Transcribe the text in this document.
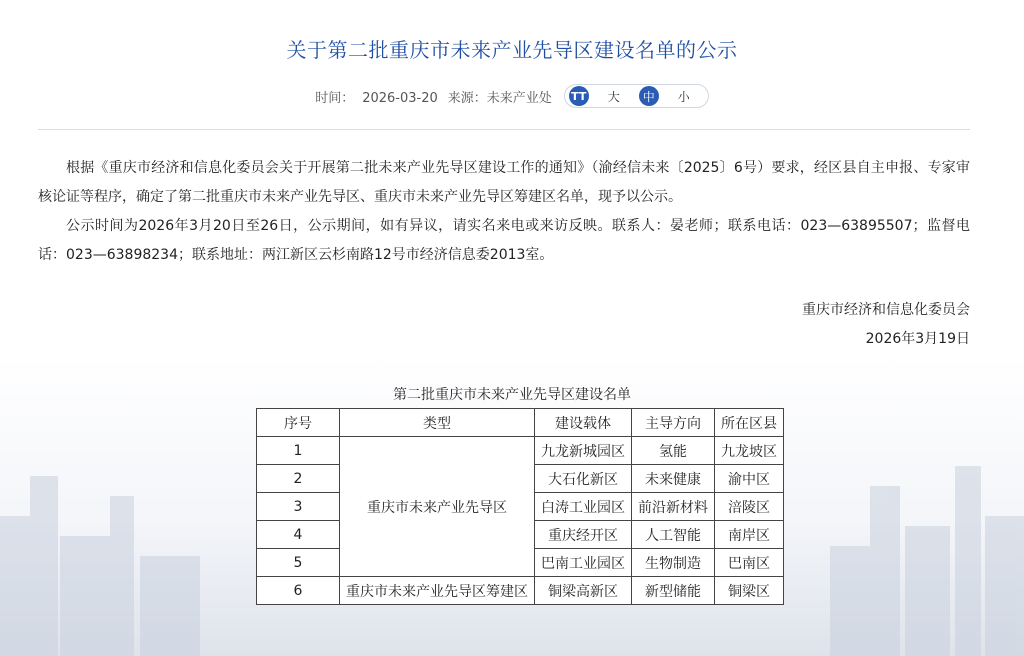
关于第二批重庆市未来产业先导区建设名单的公示
时间： 2026-03-20 来源：未来产业处 TT	大	中	小

根据《重庆市经济和信息化委员会关于开展第二批未来产业先导区建设工作的通知》（渝经信未来〔2025〕6号）要求，经区县自主申报、专家审核论证等程序，确定了第二批重庆市未来产业先导区、重庆市未来产业先导区筹建区名单，现予以公示。

公示时间为2026年3月20日至26日，公示期间，如有异议，请实名来电或来访反映。联系人：晏老师；联系电话：023—63895507；监督电话：023—63898234；联系地址：两江新区云杉南路12号市经济信息委2013室。

重庆市经济和信息化委员会
2026年3月19日
第二批重庆市未来产业先导区建设名单
序号	类型	建设载体	主导方向	所在区县
1	重庆市未来产业先导区	九龙新城园区	氢能	九龙坡区
2		大石化新区	未来健康	渝中区
3		白涛工业园区	前沿新材料	涪陵区
4		重庆经开区	人工智能	南岸区
5		巴南工业园区	生物制造	巴南区
6	重庆市未来产业先导区筹建区	铜梁高新区	新型储能	铜梁区
